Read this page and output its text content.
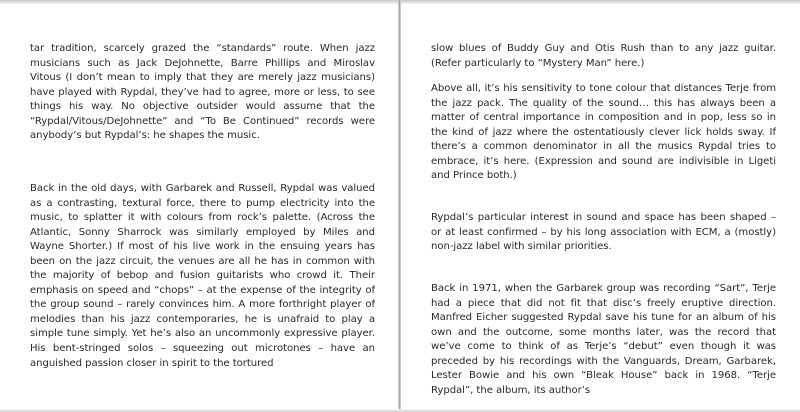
tar tradition, scarcely grazed the “standards” route. When jazz musicians such as Jack DeJohnette, Barre Phillips and Miroslav Vitous (I don’t mean to imply that they are merely jazz musicians) have played with Rypdal, they’ve had to agree, more or less, to see things his way. No objective outsider would assume that the “Rypdal/Vitous/DeJohnette” and “To Be Continued” records were anybody’s but Rypdal’s: he shapes the music.

Back in the old days, with Garbarek and Russell, Rypdal was valued as a contrasting, textural force, there to pump electricity into the music, to splatter it with colours from rock’s palette. (Across the Atlantic, Sonny Sharrock was similarly employed by Miles and Wayne Shorter.) If most of his live work in the ensuing years has been on the jazz circuit, the venues are all he has in common with the majority of bebop and fusion guitarists who crowd it. Their emphasis on speed and “chops” – at the expense of the integrity of the group sound – rarely convinces him. A more forthright player of melodies than his jazz contemporaries, he is unafraid to play a simple tune simply. Yet he’s also an uncommonly expressive player. His bent-stringed solos – squeezing out microtones – have an anguished passion closer in spirit to the tortured

slow blues of Buddy Guy and Otis Rush than to any jazz guitar. (Refer particularly to “Mystery Man” here.)

Above all, it’s his sensitivity to tone colour that distances Terje from the jazz pack. The quality of the sound… this has always been a matter of central importance in composition and in pop, less so in the kind of jazz where the ostentatiously clever lick holds sway. If there’s a common denominator in all the musics Rypdal tries to embrace, it’s here. (Expression and sound are indivisible in Ligeti and Prince both.)

Rypdal’s particular interest in sound and space has been shaped – or at least confirmed – by his long association with ECM, a (mostly) non-jazz label with similar priorities.

Back in 1971, when the Garbarek group was recording “Sart”, Terje had a piece that did not fit that disc’s freely eruptive direction. Manfred Eicher suggested Rypdal save his tune for an album of his own and the outcome, some months later, was the record that we’ve come to think of as Terje’s “debut” even though it was preceded by his recordings with the Vanguards, Dream, Garbarek, Lester Bowie and his own “Bleak House” back in 1968. “Terje Rypdal”, the album, its author’s
